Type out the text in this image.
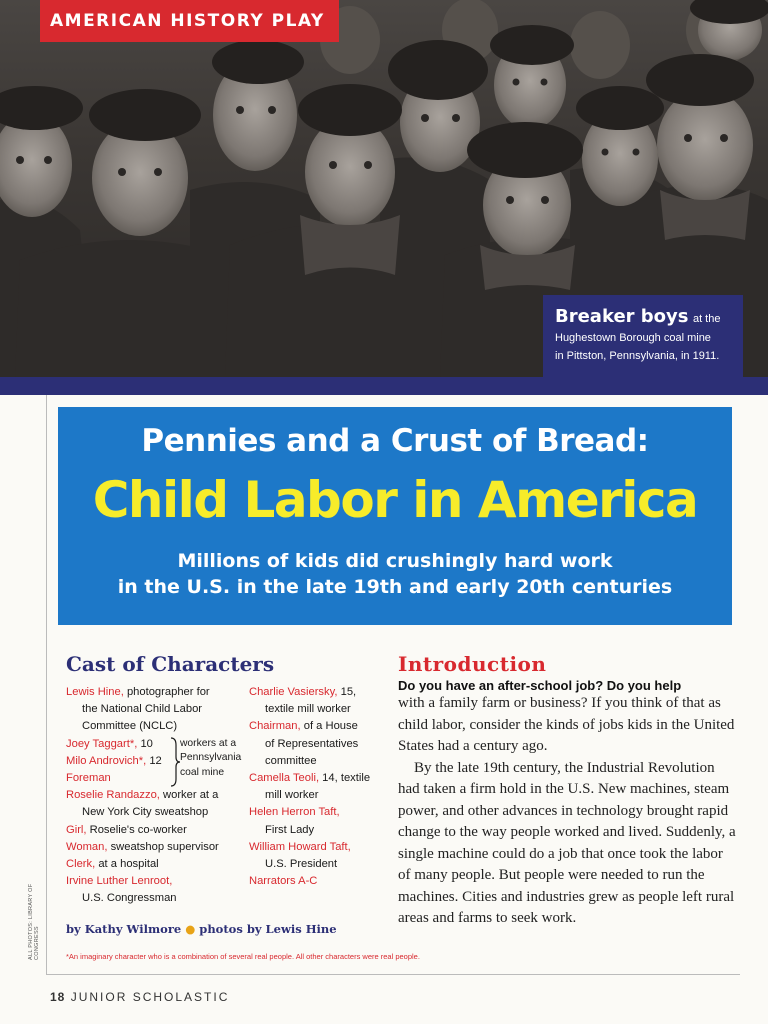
AMERICAN HISTORY PLAY
Breaker boys at the
Hughestown Borough coal mine
in Pittston, Pennsylvania, in 1911.
Pennies and a Crust of Bread:
Child Labor in America
Millions of kids did crushingly hard work
in the U.S. in the late 19th and early 20th centuries
Cast of Characters

Lewis Hine, photographer for

the National Child Labor

Committee (NCLC)

Joey Taggart*, 10

Milo Androvich*, 12

Foreman

workers at a
Pennsylvania
coal mine

Roselie Randazzo, worker at a

New York City sweatshop

Girl, Roselie's co-worker

Woman, sweatshop supervisor

Clerk, at a hospital

Irvine Luther Lenroot,

U.S. Congressman

Charlie Vasiersky, 15,

textile mill worker

Chairman, of a House

of Representatives

committee

Camella Teoli, 14, textile

mill worker

Helen Herron Taft,

First Lady

William Howard Taft,

U.S. President

Narrators A-C

by Kathy Wilmore ● photos by Lewis Hine
*An imaginary character who is a combination of several real people. All other characters were real people.
Introduction
Do you have an after-school job? Do you help

with a family farm or business? If you think of that as child labor, consider the kinds of jobs kids in the United States had a century ago.

By the late 19th century, the Industrial Revolution had taken a firm hold in the U.S. New machines, steam power, and other advances in technology brought rapid change to the way people worked and lived. Suddenly, a single machine could do a job that once took the labor of many people. But people were needed to run the machines. Cities and industries grew as people left rural areas and farms to seek work.

ALL PHOTOS: LIBRARY OF CONGRESS
18 JUNIOR SCHOLASTIC
